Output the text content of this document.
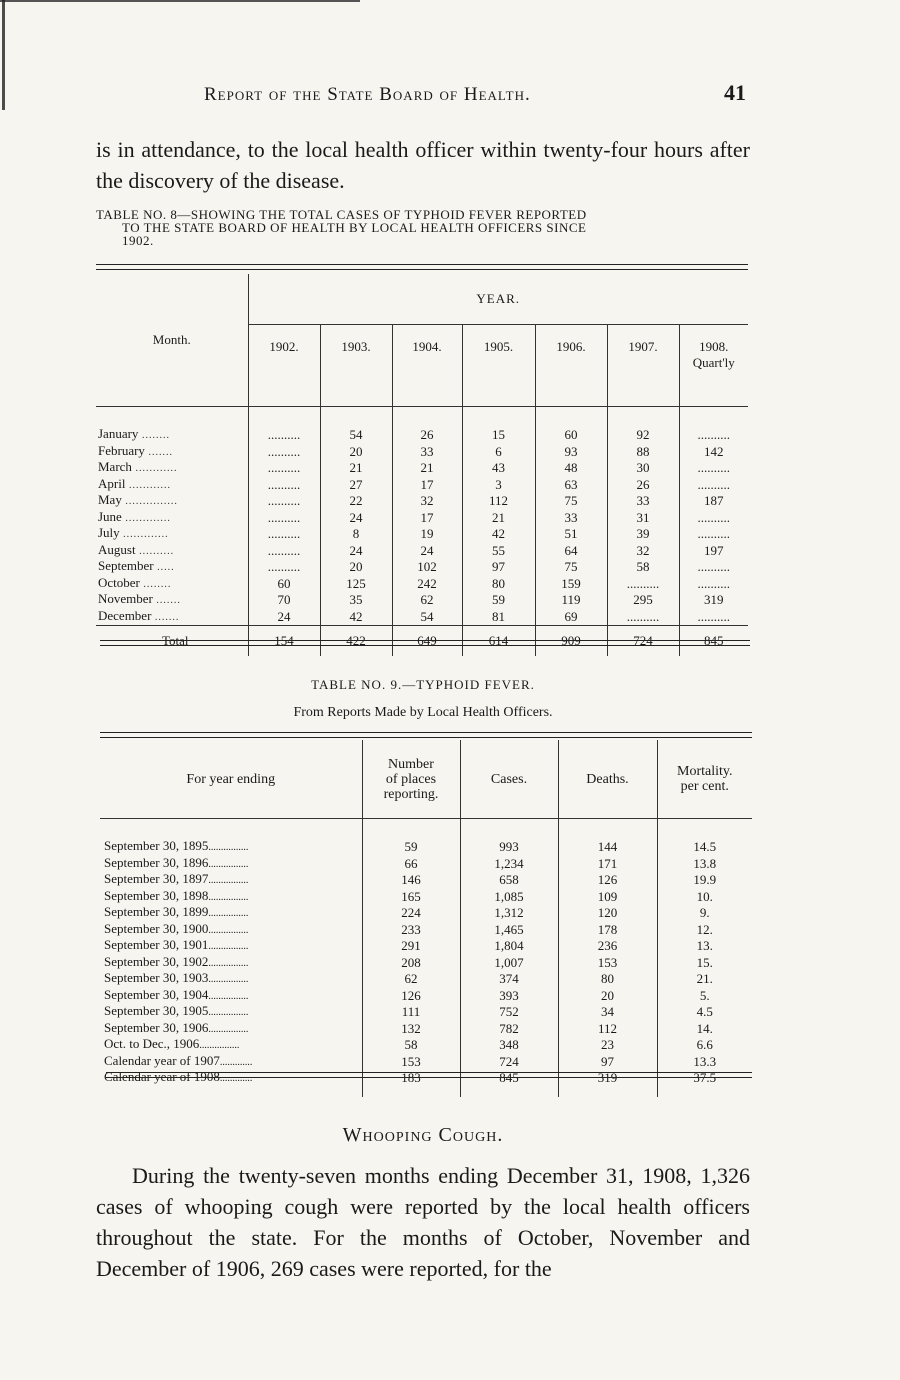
Report of the State Board of Health.	41

is in attendance, to the local health officer within twenty-four hours after the discovery of the disease.

TABLE NO. 8—SHOWING THE TOTAL CASES OF TYPHOID FEVER REPORTED
TO THE STATE BOARD OF HEALTH BY LOCAL HEALTH OFFICERS SINCE
1902.
Month.	YEAR.						
	1902.	1903.	1904.	1905.	1906.	1907.	1908.
Quart'ly

January ........	..........	54	26	15	60	92	..........
February .......	..........	20	33	6	93	88	142
March ............	..........	21	21	43	48	30	..........
April ............	..........	27	17	3	63	26	..........
May ...............	..........	22	32	112	75	33	187
June .............	..........	24	17	21	33	31	..........
July .............	..........	8	19	42	51	39	..........
August ..........	..........	24	24	55	64	32	197
September .....	..........	20	102	97	75	58	..........
October ........	60	125	242	80	159	..........	..........
November .......	70	35	62	59	119	295	319
December .......	24	42	54	81	69	..........	..........
Total	154	422	649	614	909	724	845

TABLE NO. 9.—TYPHOID FEVER.

From Reports Made by Local Health Officers.

For year ending	Number
of places
reporting.	Cases.	Deaths.	Mortality.
per cent.

September 30, 1895................	59	993	144	14.5
September 30, 1896................	66	1,234	171	13.8
September 30, 1897................	146	658	126	19.9
September 30, 1898................	165	1,085	109	10.
September 30, 1899................	224	1,312	120	9.
September 30, 1900................	233	1,465	178	12.
September 30, 1901................	291	1,804	236	13.
September 30, 1902................	208	1,007	153	15.
September 30, 1903................	62	374	80	21.
September 30, 1904................	126	393	20	5.
September 30, 1905................	111	752	34	4.5
September 30, 1906................	132	782	112	14.
Oct. to Dec., 1906................	58	348	23	6.6
Calendar year of 1907.............	153	724	97	13.3
Calendar year of 1908.............	183	845	319	37.5

Whooping Cough.

During the twenty-seven months ending December 31, 1908, 1,326 cases of whooping cough were reported by the local health officers throughout the state. For the months of October, November and December of 1906, 269 cases were reported, for the
